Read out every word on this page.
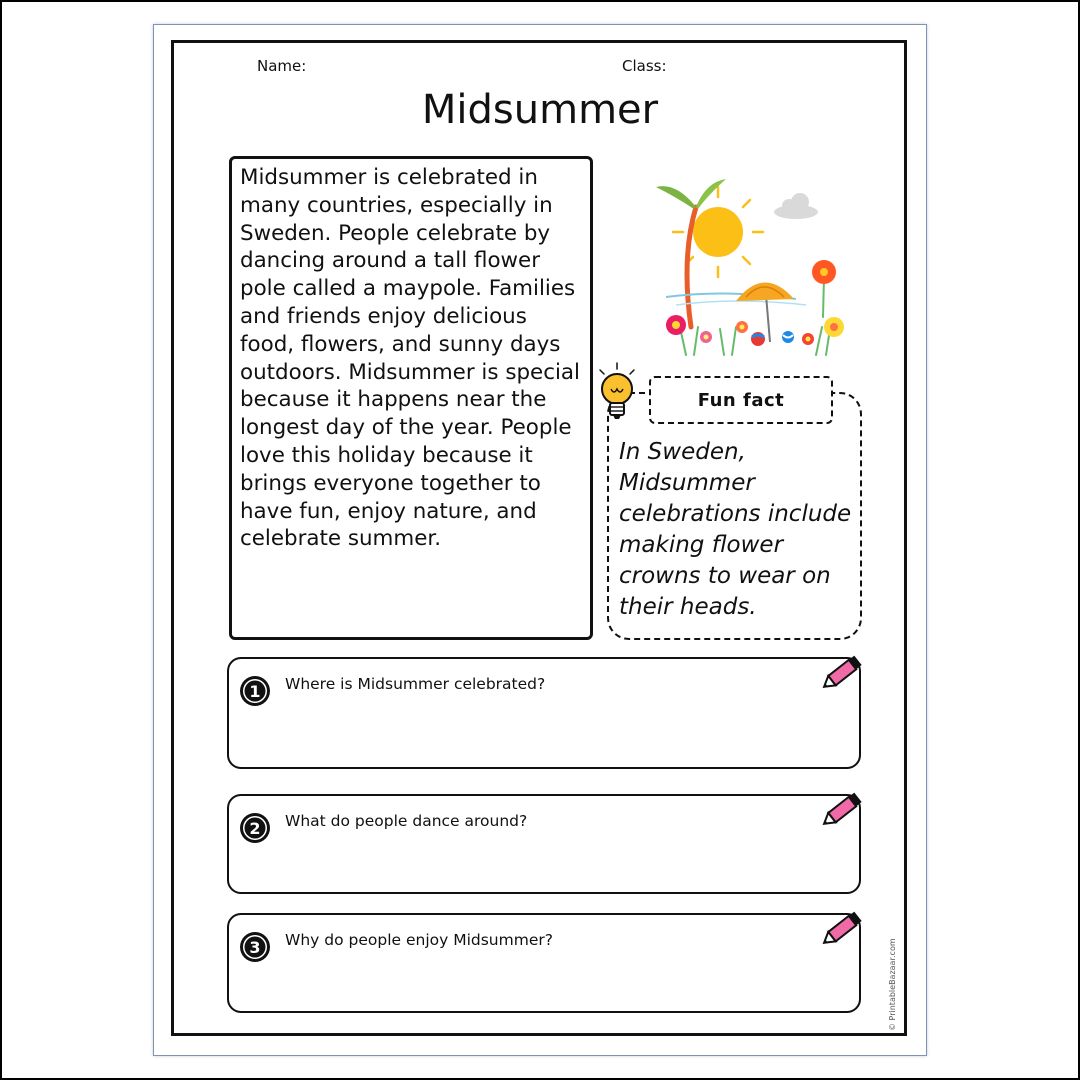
Name:	Class:
Midsummer

Midsummer is celebrated in many countries, especially in Sweden. People celebrate by dancing around a tall flower pole called a maypole. Families and friends enjoy delicious food, flowers, and sunny days outdoors. Midsummer is special because it happens near the longest day of the year. People love this holiday because it brings everyone together to have fun, enjoy nature, and celebrate summer.

Fun fact

In Sweden, Midsummer celebrations include making flower crowns to wear on their heads.

1 Where is Midsummer celebrated?
2 What do people dance around?
3 Why do people enjoy Midsummer?	© PrintableBazaar.com
